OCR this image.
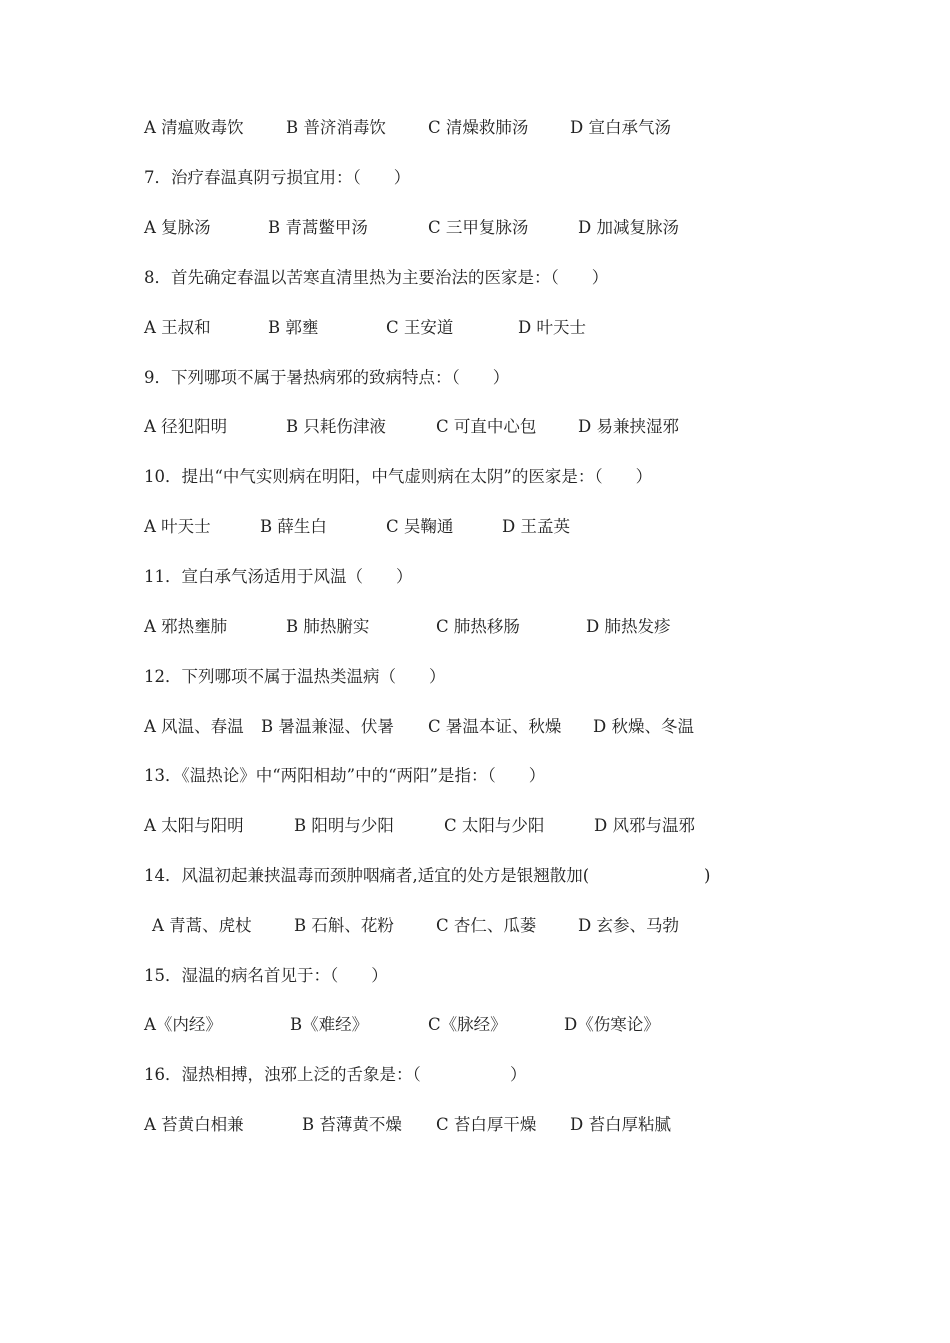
A 清瘟败毒饮	B 普济消毒饮	C 清燥救肺汤	D 宣白承气汤
7．治疗春温真阴亏损宜用：（　　）
A 复脉汤	B 青蒿鳖甲汤	C 三甲复脉汤	D 加减复脉汤
8．首先确定春温以苦寒直清里热为主要治法的医家是：（　　）
A 王叔和	B 郭壅	C 王安道	D 叶天士
9．下列哪项不属于暑热病邪的致病特点：（　　）
A 径犯阳明	B 只耗伤津液	C 可直中心包	D 易兼挟湿邪
10．提出“中气实则病在明阳，中气虚则病在太阴”的医家是：（　　）
A 叶天士	B 薛生白	C 吴鞠通	D 王孟英
11．宣白承气汤适用于风温（　　）
A 邪热壅肺	B 肺热腑实	C 肺热移肠	D 肺热发疹
12．下列哪项不属于温热类温病（　　）
A 风温、春温 B 暑温兼湿、伏暑 C 暑温本证、秋燥 D 秋燥、冬温
13．《温热论》中“两阳相劫”中的“两阳”是指：（　　）
A 太阳与阳明	B 阳明与少阳	C 太阳与少阳	D 风邪与温邪
14．风温初起兼挟温毒而颈肿咽痛者,适宜的处方是银翘散加(	)
A 青蒿、虎杖	B 石斛、花粉	C 杏仁、瓜蒌	D 玄参、马勃
15．湿温的病名首见于：（　　）
A《内经》	B《难经》	C《脉经》	D《伤寒论》
16．湿热相搏，浊邪上泛的舌象是：（	）
A 苔黄白相兼	B 苔薄黄不燥 C 苔白厚干燥 D 苔白厚粘腻
